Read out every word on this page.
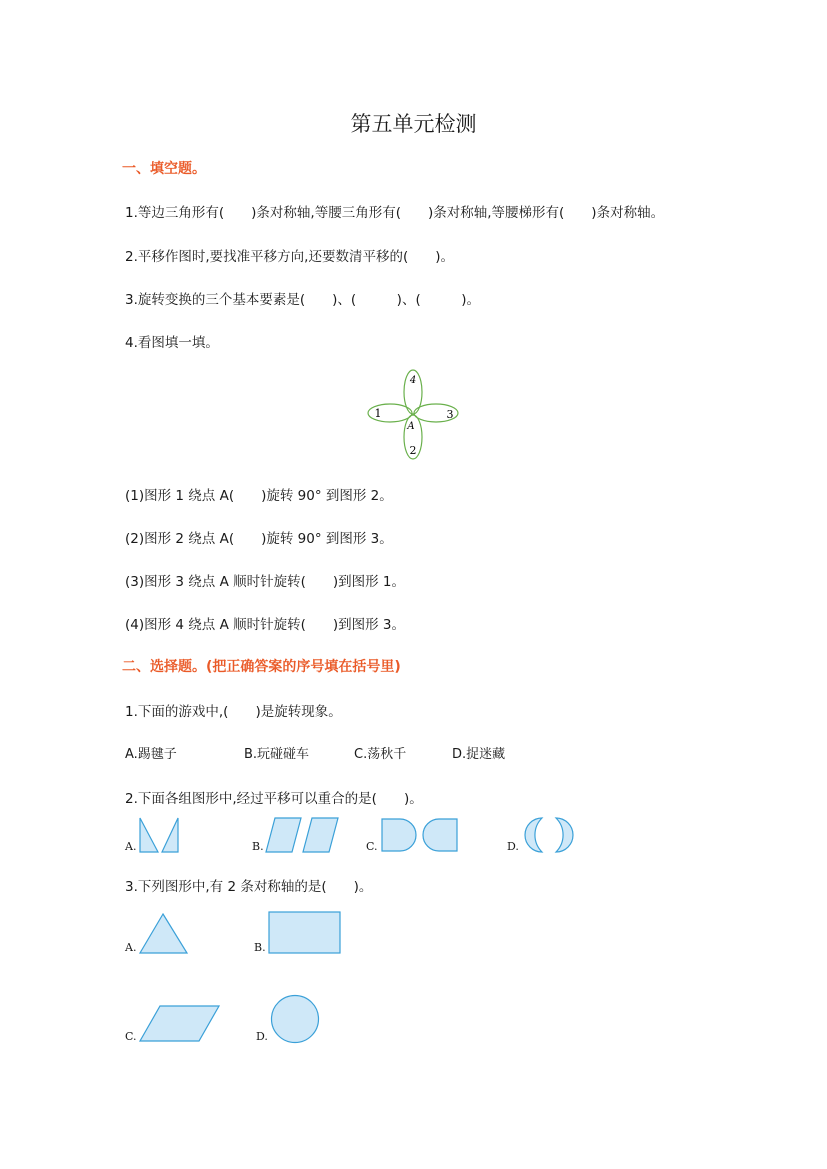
第五单元检测
一、填空题。
1.等边三角形有(　　)条对称轴,等腰三角形有(　　)条对称轴,等腰梯形有(　　)条对称轴。
2.平移作图时,要找准平移方向,还要数清平移的(　　)。
3.旋转变换的三个基本要素是(　　)、(　　　)、(　　　)。
4.看图填一填。
4
1	3
A
2
(1)图形 1 绕点 A(　　)旋转 90° 到图形 2。
(2)图形 2 绕点 A(　　)旋转 90° 到图形 3。
(3)图形 3 绕点 A 顺时针旋转(　　)到图形 1。
(4)图形 4 绕点 A 顺时针旋转(　　)到图形 3。
二、选择题。(把正确答案的序号填在括号里)
1.下面的游戏中,(　　)是旋转现象。
A.踢毽子	B.玩碰碰车	C.荡秋千	D.捉迷藏
2.下面各组图形中,经过平移可以重合的是(　　)。
A.	B.	C.	D.
3.下列图形中,有 2 条对称轴的是(　　)。
A.	B.
C.	D.
